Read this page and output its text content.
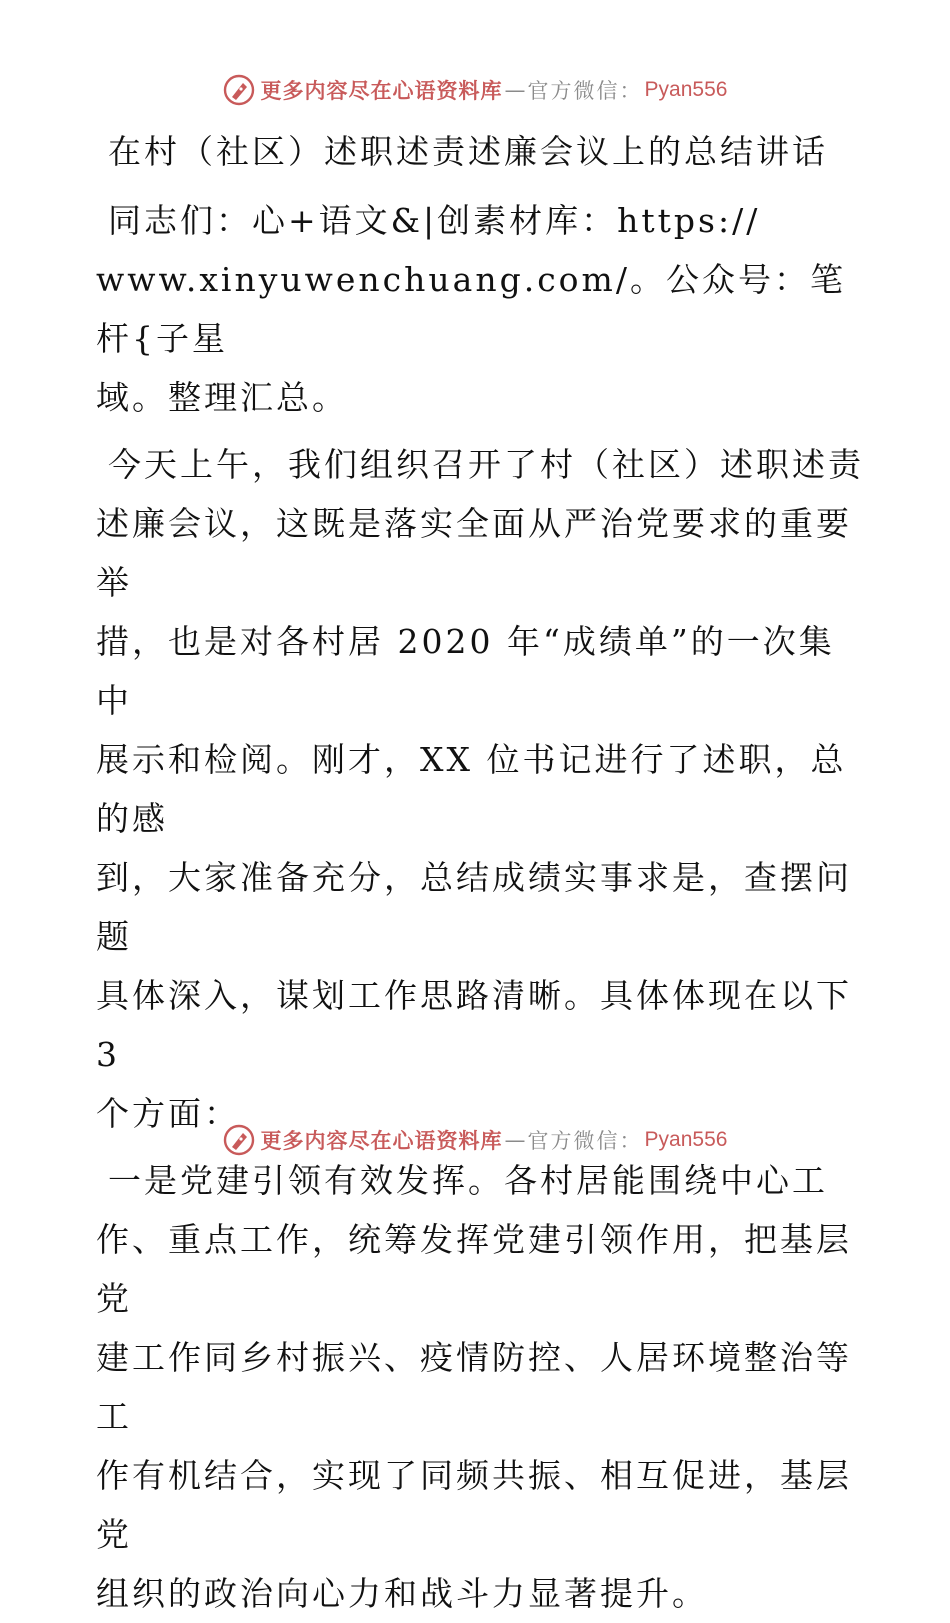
更多内容尽在心语资料库 — 官方微信： Pyan556

在村（社区）述职述责述廉会议上的总结讲话

同志们：心+语文&|创素材库：https://

www.xinyuwenchuang.com/。公众号：笔杆{子星

域。整理汇总。

今天上午，我们组织召开了村（社区）述职述责

述廉会议，这既是落实全面从严治党要求的重要举

措，也是对各村居 2020 年“成绩单”的一次集中

展示和检阅。刚才，XX 位书记进行了述职，总的感

到，大家准备充分，总结成绩实事求是，查摆问题

具体深入，谋划工作思路清晰。具体体现在以下 3

个方面：

一是党建引领有效发挥。各村居能围绕中心工

作、重点工作，统筹发挥党建引领作用，把基层党

建工作同乡村振兴、疫情防控、人居环境整治等工

作有机结合，实现了同频共振、相互促进，基层党

组织的政治向心力和战斗力显著提升。

更多内容尽在心语资料库 — 官方微信： Pyan556
